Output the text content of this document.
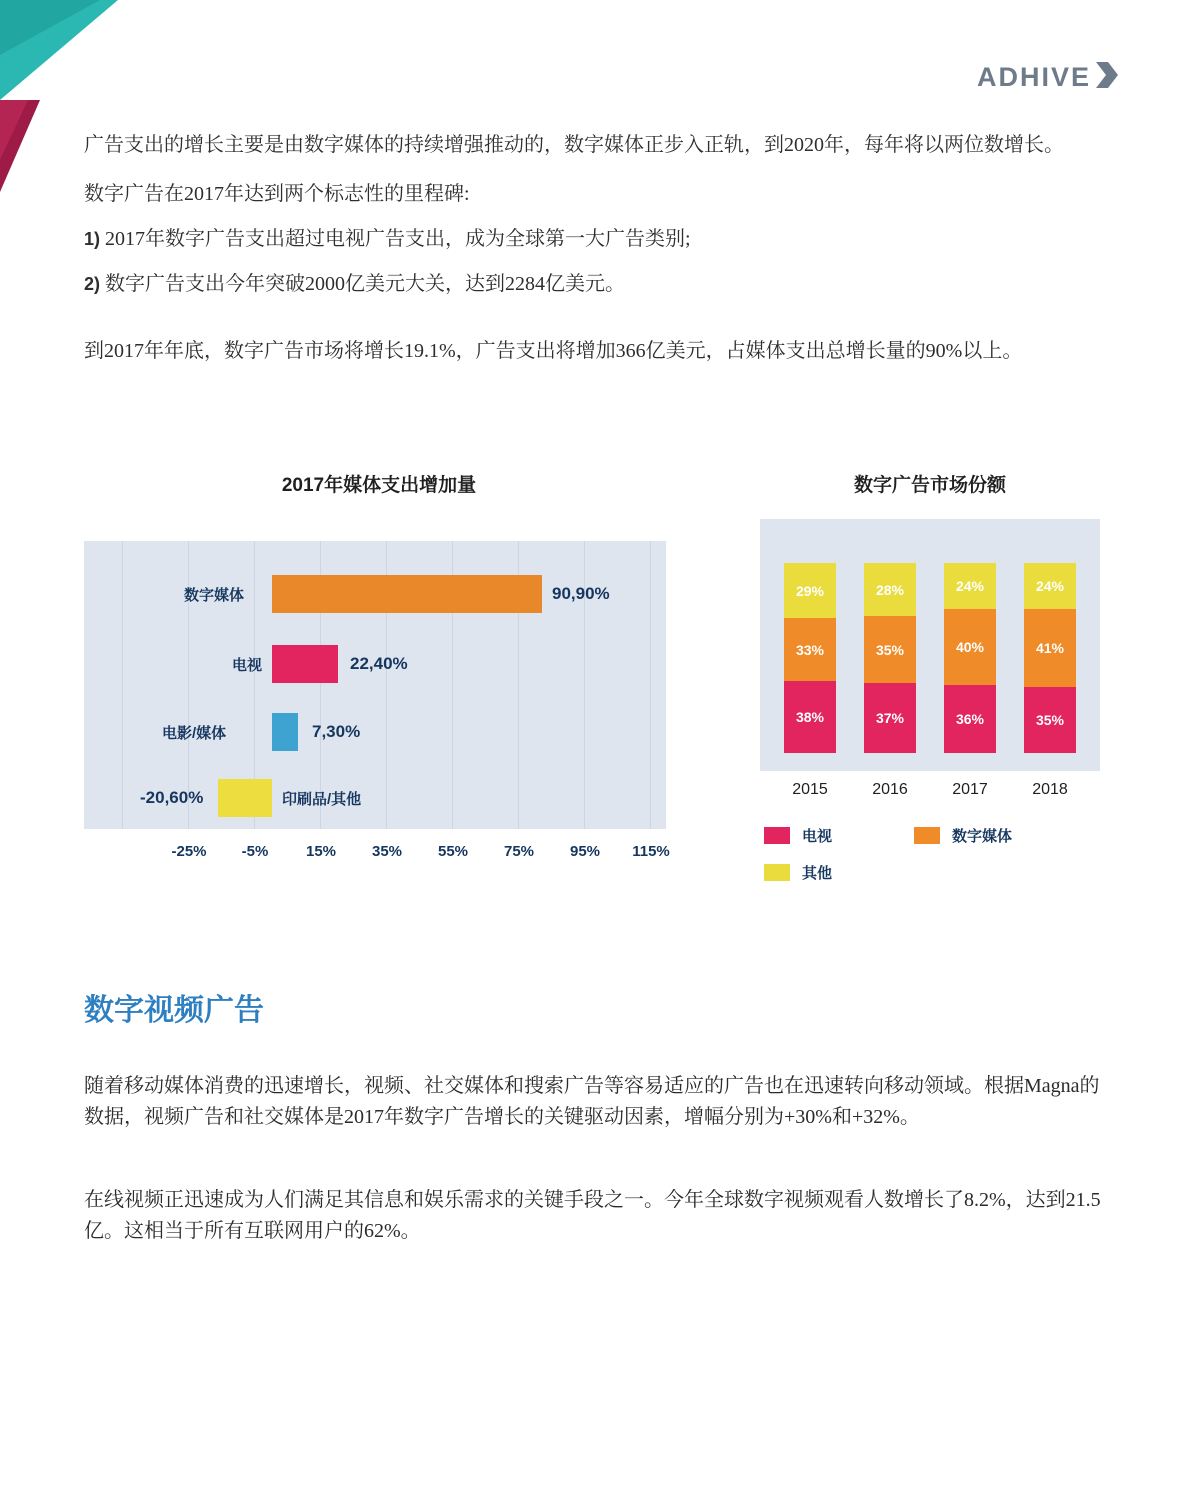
ADHIVE

广告支出的增长主要是由数字媒体的持续增强推动的，数字媒体正步入正轨，到2020年，每年将以两位数增长。

数字广告在2017年达到两个标志性的里程碑:

1) 2017年数字广告支出超过电视广告支出，成为全球第一大广告类别;

2) 数字广告支出今年突破2000亿美元大关，达到2284亿美元。

到2017年年底，数字广告市场将增长19.1%，广告支出将增加366亿美元，占媒体支出总增长量的90%以上。

2017年媒体支出增加量
数字媒体	90,90%
电视	22,40%
电影/媒体	7,30%
-20,60%	印刷品/其他
-25% -5%	15% 35% 55% 75% 95% 115%
数字广告市场份额
29%
33%
38%
28%
35%
37%
24%
40%
36%
24%
41%
35%
2015	2016	2017	2018
电视	数字媒体
其他
数字视频广告

随着移动媒体消费的迅速增长，视频、社交媒体和搜索广告等容易适应的广告也在迅速转向移动领域。根据Magna的数据，视频广告和社交媒体是2017年数字广告增长的关键驱动因素，增幅分别为+30%和+32%。

在线视频正迅速成为人们满足其信息和娱乐需求的关键手段之一。今年全球数字视频观看人数增长了8.2%，达到21.5亿。这相当于所有互联网用户的62%。
